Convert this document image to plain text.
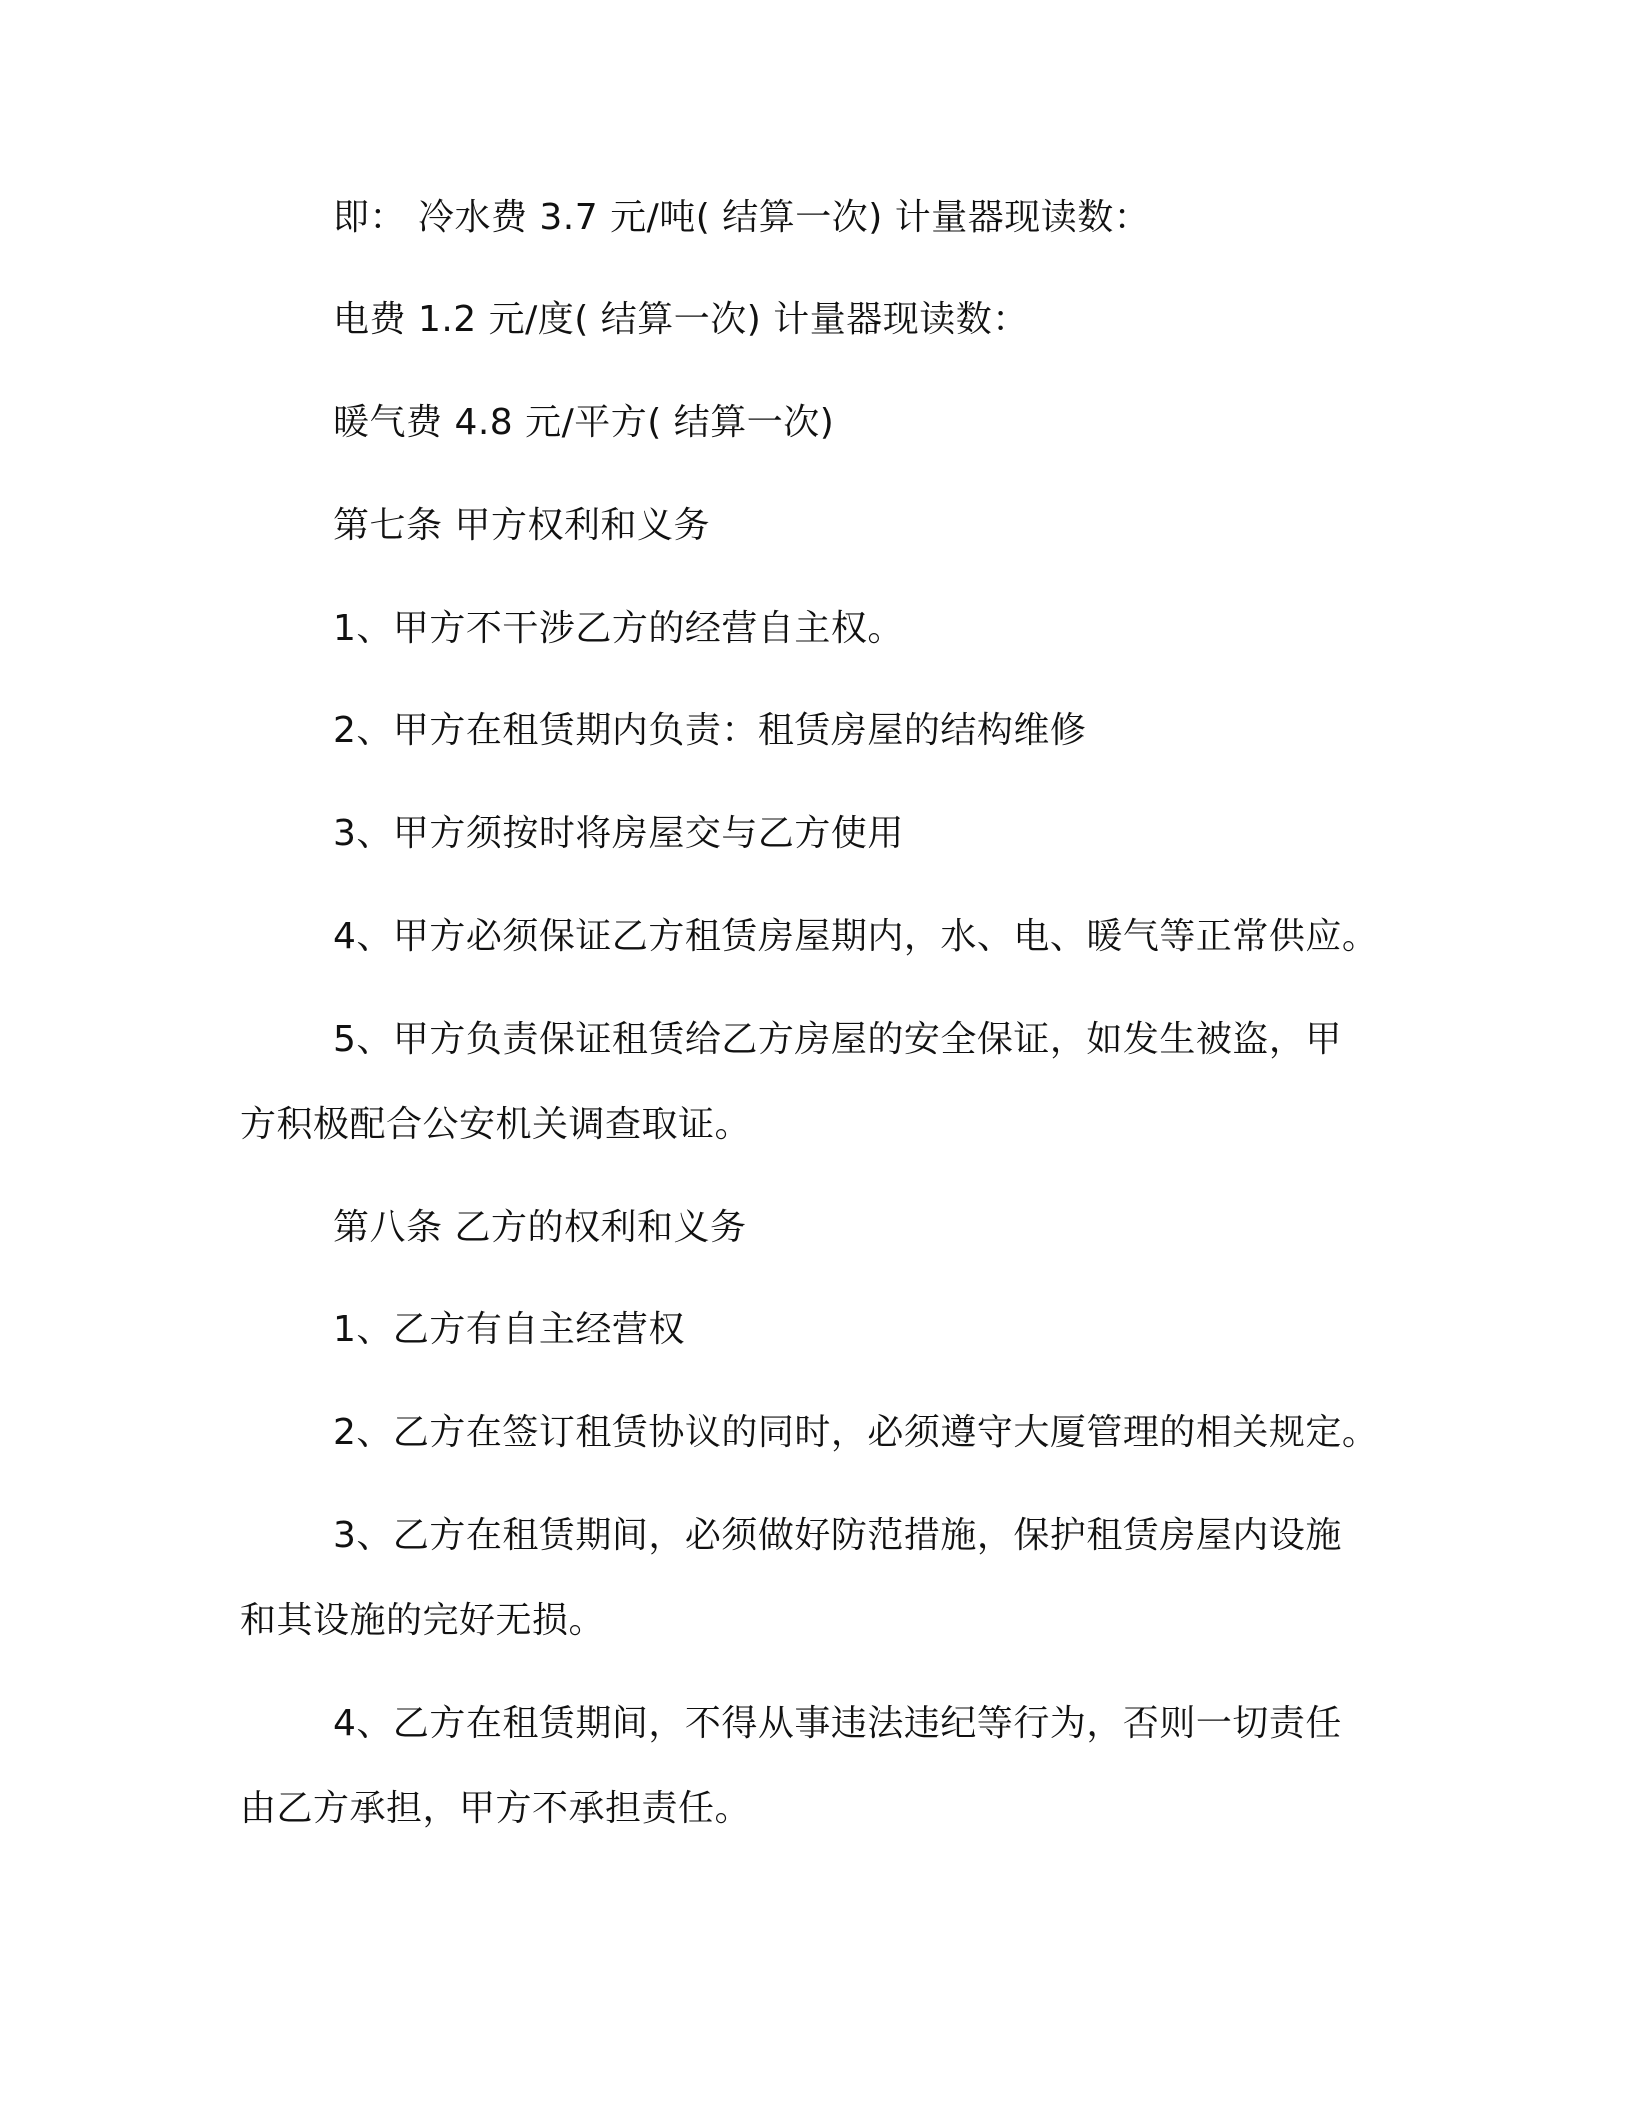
即： 冷水费 3.7 元/吨( 结算一次) 计量器现读数：

电费 1.2 元/度( 结算一次) 计量器现读数：

暖气费 4.8 元/平方( 结算一次)

第七条 甲方权利和义务

1、甲方不干涉乙方的经营自主权。

2、甲方在租赁期内负责：租赁房屋的结构维修

3、甲方须按时将房屋交与乙方使用

4、甲方必须保证乙方租赁房屋期内，水、电、暖气等正常供应。

5、甲方负责保证租赁给乙方房屋的安全保证，如发生被盗，甲

方积极配合公安机关调查取证。

第八条 乙方的权利和义务

1、乙方有自主经营权

2、乙方在签订租赁协议的同时，必须遵守大厦管理的相关规定。

3、乙方在租赁期间，必须做好防范措施，保护租赁房屋内设施

和其设施的完好无损。

4、乙方在租赁期间，不得从事违法违纪等行为，否则一切责任

由乙方承担，甲方不承担责任。
